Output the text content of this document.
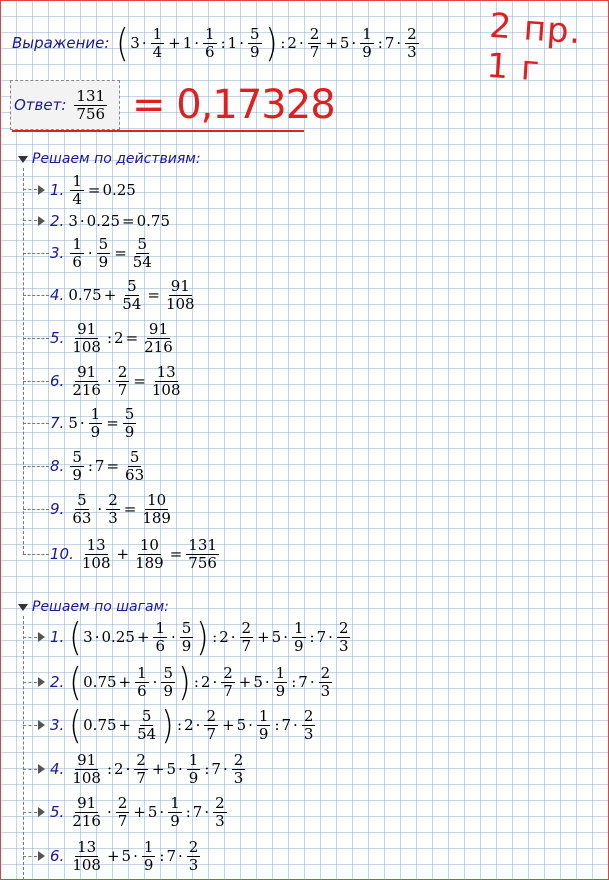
Выражение: ( $3 \cdot \frac{1}{4} + 1 \cdot \frac{1}{6}$ : $1 \cdot \frac{5}{9}$ ) : $2 \cdot \frac{2}{7} + 5 \cdot \frac{1}{9}$ : $7 \cdot \frac{2}{3} 2$ пр. 1 г
Ответ: $\frac{131}{756} = 0,17328$
Решаем по действиям:
1. $\frac{1}{4} = 0.25$
2. 3 · 0.25 = 0.75
3. $\frac{1}{6} \cdot \frac{5}{9} = \frac{5}{54}$
4. $0.75 + \frac{5}{54} = \frac{91}{108}$
5. $\frac{91}{108}$ : $2 = \frac{91}{216}$
6. $\frac{91}{216} \cdot \frac{2}{7} = \frac{13}{108}$
7. $5 \cdot \frac{1}{9} = \frac{5}{9}$
8. $\frac{5}{9}$ : $7 = \frac{5}{63}$
9. $\frac{5}{63} \cdot \frac{2}{3} = \frac{10}{189}$
10. $\frac{13}{108} + \frac{10}{189} = \frac{131}{756}$
Решаем по шагам:
1. ( $3 \cdot 0.25 + \frac{1}{6} \cdot \frac{5}{9}$ ) : $2 \cdot \frac{2}{7} + 5 \cdot \frac{1}{9}$ : $7 \cdot \frac{2}{3}$
2. ( $0.75 + \frac{1}{6} \cdot \frac{5}{9}$ ) : $2 \cdot \frac{2}{7} + 5 \cdot \frac{1}{9}$ : $7 \cdot \frac{2}{3}$
3. ( $0.75 + \frac{5}{54}$ ) : $2 \cdot \frac{2}{7} + 5 \cdot \frac{1}{9}$ : $7 \cdot \frac{2}{3}$
4. $\frac{91}{108}$ : $2 \cdot \frac{2}{7} + 5 \cdot \frac{1}{9}$ : $7 \cdot \frac{2}{3}$
5. $\frac{91}{216} \cdot \frac{2}{7} + 5 \cdot \frac{1}{9}$ : $7 \cdot \frac{2}{3}$
6. $\frac{13}{108} + 5 \cdot \frac{1}{9}$ : $7 \cdot \frac{2}{3}$
